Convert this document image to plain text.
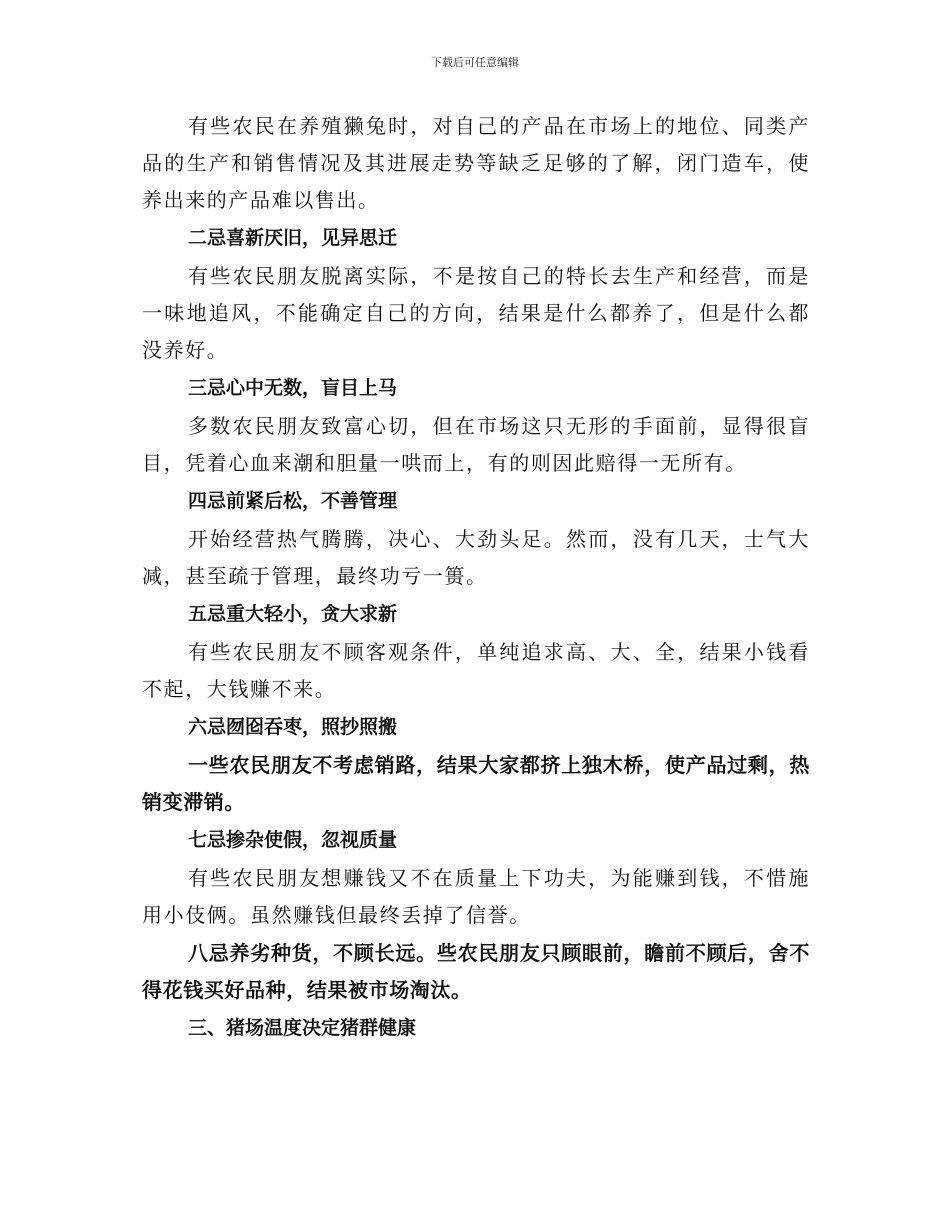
下载后可任意编辑

有些农民在养殖獭兔时，对自己的产品在市场上的地位、同类产品的生产和销售情况及其进展走势等缺乏足够的了解，闭门造车，使养出来的产品难以售出。

二忌喜新厌旧，见异思迁

有些农民朋友脱离实际，不是按自己的特长去生产和经营，而是一味地追风，不能确定自己的方向，结果是什么都养了，但是什么都没养好。

三忌心中无数，盲目上马

多数农民朋友致富心切，但在市场这只无形的手面前，显得很盲目，凭着心血来潮和胆量一哄而上，有的则因此赔得一无所有。

四忌前紧后松，不善管理

开始经营热气腾腾，决心、大劲头足。然而，没有几天，士气大减，甚至疏于管理，最终功亏一篑。

五忌重大轻小，贪大求新

有些农民朋友不顾客观条件，单纯追求高、大、全，结果小钱看不起，大钱赚不来。

六忌囫囵吞枣，照抄照搬

一些农民朋友不考虑销路，结果大家都挤上独木桥，使产品过剩，热销变滞销。

七忌掺杂使假，忽视质量

有些农民朋友想赚钱又不在质量上下功夫，为能赚到钱，不惜施用小伎俩。虽然赚钱但最终丢掉了信誉。

八忌养劣种货，不顾长远。些农民朋友只顾眼前，瞻前不顾后，舍不得花钱买好品种，结果被市场淘汰。

三、猪场温度决定猪群健康
